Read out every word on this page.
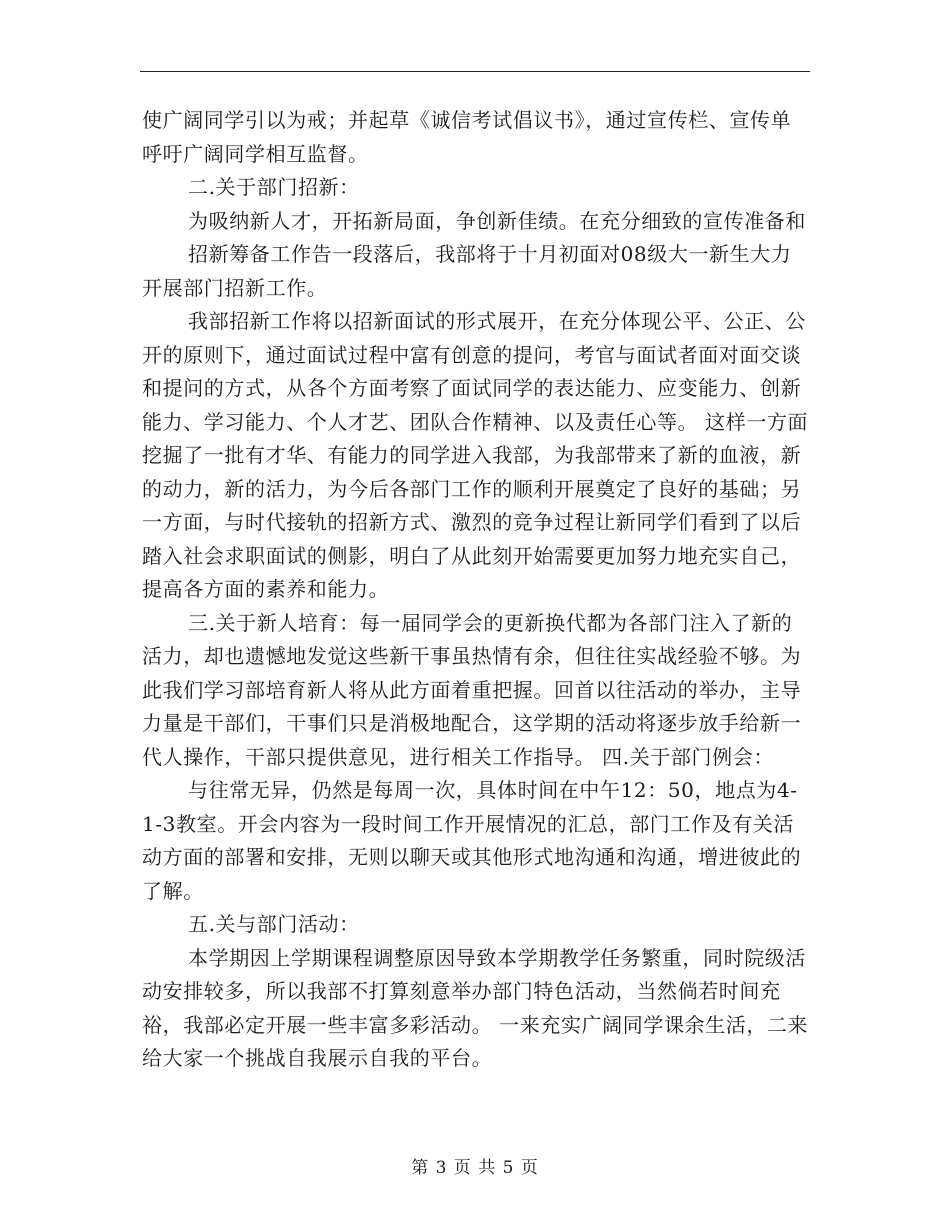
使广阔同学引以为戒；并起草《诚信考试倡议书》，通过宣传栏、宣传单呼吁广阔同学相互监督。

二.关于部门招新：

为吸纳新人才，开拓新局面，争创新佳绩。在充分细致的宣传准备和

招新筹备工作告一段落后，我部将于十月初面对08级大一新生大力开展部门招新工作。

我部招新工作将以招新面试的形式展开，在充分体现公平、公正、公开的原则下，通过面试过程中富有创意的提问，考官与面试者面对面交谈和提问的方式，从各个方面考察了面试同学的表达能力、应变能力、创新能力、学习能力、个人才艺、团队合作精神、以及责任心等。 这样一方面挖掘了一批有才华、有能力的同学进入我部，为我部带来了新的血液，新的动力，新的活力，为今后各部门工作的顺利开展奠定了良好的基础；另一方面，与时代接轨的招新方式、激烈的竞争过程让新同学们看到了以后踏入社会求职面试的侧影，明白了从此刻开始需要更加努力地充实自己，提高各方面的素养和能力。

三.关于新人培育：每一届同学会的更新换代都为各部门注入了新的活力，却也遗憾地发觉这些新干事虽热情有余，但往往实战经验不够。为此我们学习部培育新人将从此方面着重把握。回首以往活动的举办，主导力量是干部们，干事们只是消极地配合，这学期的活动将逐步放手给新一代人操作，干部只提供意见，进行相关工作指导。 四.关于部门例会：

与往常无异，仍然是每周一次，具体时间在中午12：50，地点为4-1-3教室。开会内容为一段时间工作开展情况的汇总，部门工作及有关活动方面的部署和安排，无则以聊天或其他形式地沟通和沟通，增进彼此的了解。

五.关与部门活动：

本学期因上学期课程调整原因导致本学期教学任务繁重，同时院级活动安排较多，所以我部不打算刻意举办部门特色活动，当然倘若时间充裕，我部必定开展一些丰富多彩活动。 一来充实广阔同学课余生活，二来给大家一个挑战自我展示自我的平台。

第 3 页 共 5 页
